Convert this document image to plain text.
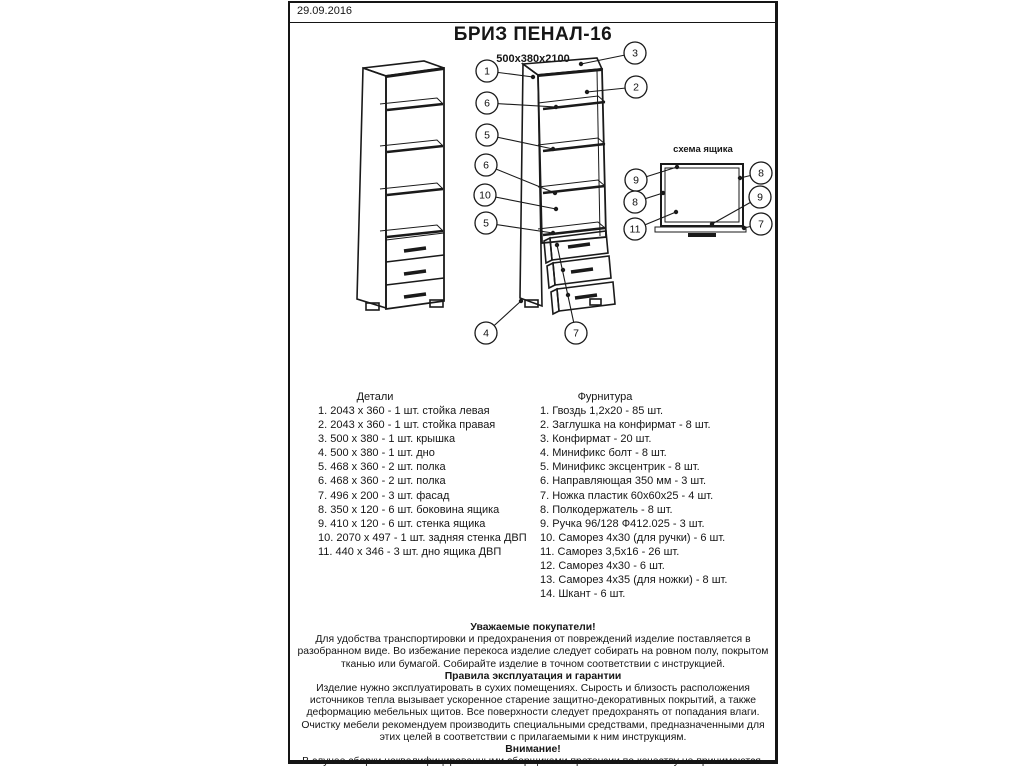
29.09.2016
БРИЗ ПЕНАЛ-16
500х380х2100
схема ящика
1
3
2
6
5
6
10
5
4	7
9
8
11
8
9
7
Детали
1. 2043 х 360 - 1 шт. стойка левая
2. 2043 х 360 - 1 шт. стойка правая
3. 500 х 380 - 1 шт. крышка
4. 500 х 380 - 1 шт. дно
5. 468 х 360 - 2 шт. полка
6. 468 х 360 - 2 шт. полка
7. 496 х 200 - 3 шт. фасад
8. 350 х 120 - 6 шт. боковина ящика
9. 410 х 120 - 6 шт. стенка ящика
10. 2070 х 497 - 1 шт. задняя стенка ДВП
11. 440 х 346 - 3 шт. дно ящика ДВП
Фурнитура
1. Гвоздь 1,2х20 - 85 шт.
2. Заглушка на конфирмат - 8 шт.
3. Конфирмат - 20 шт.
4. Минификс болт - 8 шт.
5. Минификс эксцентрик - 8 шт.
6. Направляющая 350 мм - 3 шт.
7. Ножка пластик 60х60х25 - 4 шт.
8. Полкодержатель - 8 шт.
9. Ручка 96/128 Ф412.025 - 3 шт.
10. Саморез 4х30 (для ручки) - 6 шт.
11. Саморез 3,5х16 - 26 шт.
12. Саморез 4х30 - 6 шт.
13. Саморез 4х35 (для ножки) - 8 шт.
14. Шкант - 6 шт.
Уважаемые покупатели!
Для удобства транспортировки и предохранения от повреждений изделие поставляется в разобранном виде. Во избежание перекоса изделие следует собирать на ровном полу, покрытом тканью или бумагой. Собирайте изделие в точном соответствии с инструкцией.
Правила эксплуатация и гарантии
Изделие нужно эксплуатировать в сухих помещениях. Сырость и близость расположения источников тепла вызывает ускоренное старение защитно-декоративных покрытий, а также деформацию мебельных щитов. Все поверхности следует предохранять от попадания влаги. Очистку мебели рекомендуем производить специальными средствами, предназначенными для этих целей в соответствии с прилагаемыми к ним инструкциям.
Внимание!
В случае сборки неквалифицированными сборщиками претензии по качеству не принимаются.
